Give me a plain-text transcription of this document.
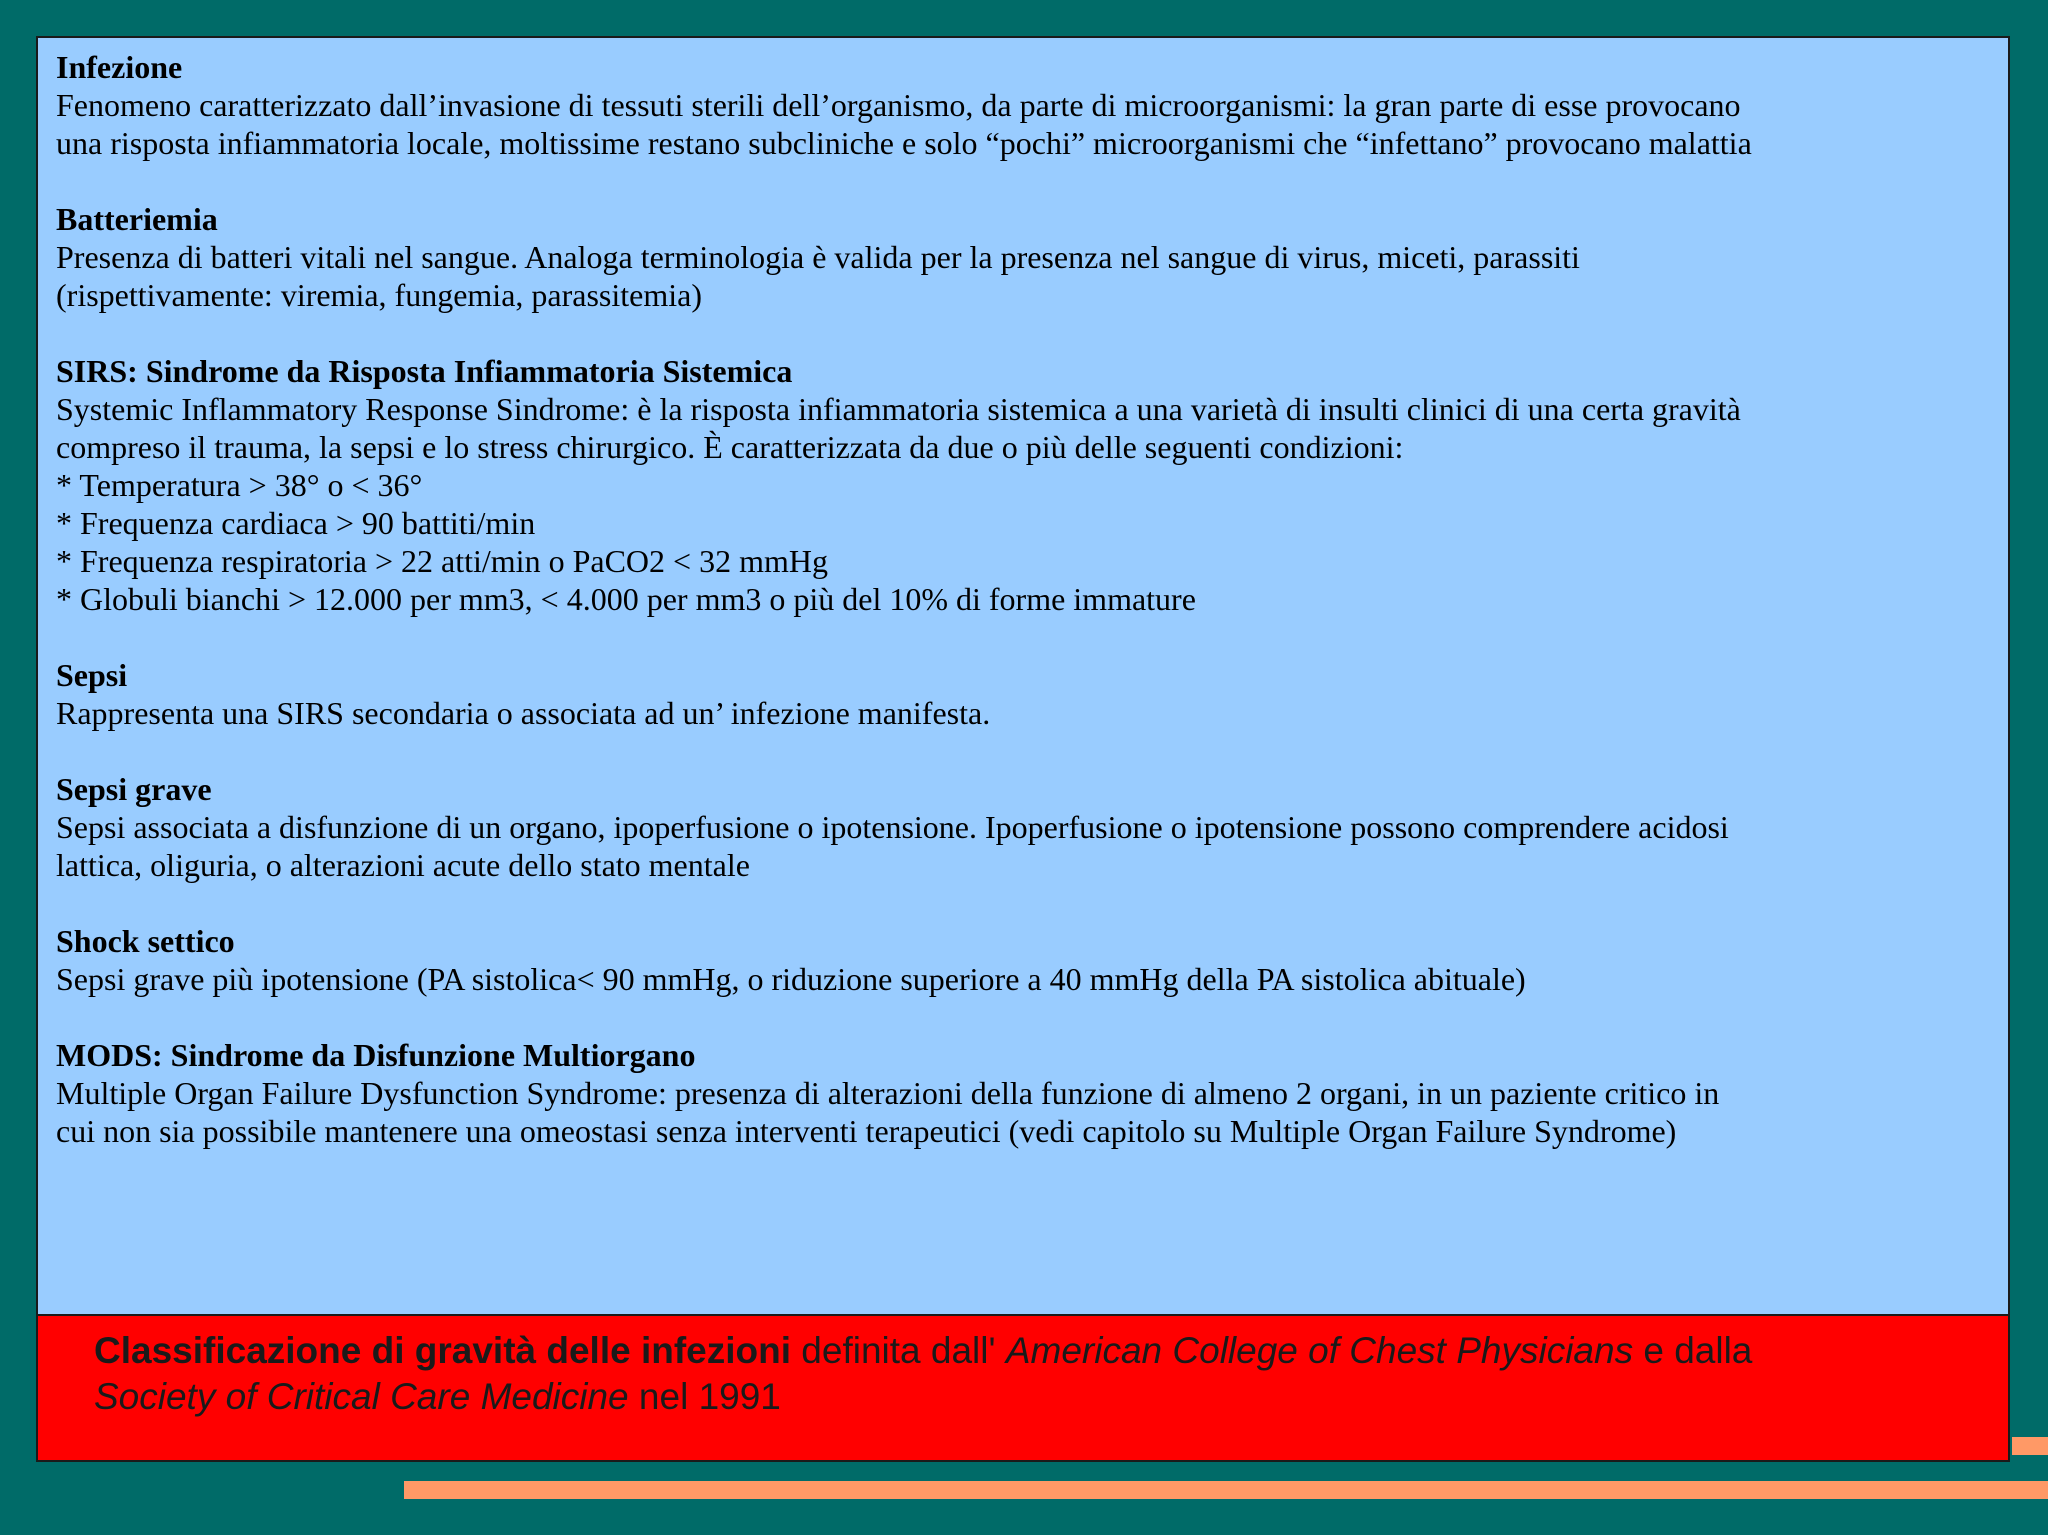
Infezione

Fenomeno caratterizzato dall’invasione di tessuti sterili dell’organismo, da parte di microorganismi: la gran parte di esse provocano
una risposta infiammatoria locale, moltissime restano subcliniche e solo “pochi” microorganismi che “infettano” provocano malattia

Batteriemia

Presenza di batteri vitali nel sangue. Analoga terminologia è valida per la presenza nel sangue di virus, miceti, parassiti
(rispettivamente: viremia, fungemia, parassitemia)

SIRS: Sindrome da Risposta Infiammatoria Sistemica

Systemic Inflammatory Response Sindrome: è la risposta infiammatoria sistemica a una varietà di insulti clinici di una certa gravità
compreso il trauma, la sepsi e lo stress chirurgico. È caratterizzata da due o più delle seguenti condizioni:
* Temperatura > 38° o < 36°
* Frequenza cardiaca > 90 battiti/min
* Frequenza respiratoria > 22 atti/min o PaCO2 < 32 mmHg
* Globuli bianchi > 12.000 per mm3, < 4.000 per mm3 o più del 10% di forme immature

Sepsi

Rappresenta una SIRS secondaria o associata ad un’ infezione manifesta.

Sepsi grave

Sepsi associata a disfunzione di un organo, ipoperfusione o ipotensione. Ipoperfusione o ipotensione possono comprendere acidosi
lattica, oliguria, o alterazioni acute dello stato mentale

Shock settico

Sepsi grave più ipotensione (PA sistolica< 90 mmHg, o riduzione superiore a 40 mmHg della PA sistolica abituale)

MODS: Sindrome da Disfunzione Multiorgano

Multiple Organ Failure Dysfunction Syndrome: presenza di alterazioni della funzione di almeno 2 organi, in un paziente critico in
cui non sia possibile mantenere una omeostasi senza interventi terapeutici (vedi capitolo su Multiple Organ Failure Syndrome)

Classificazione di gravità delle infezioni definita dall' American College of Chest Physicians e dalla
Society of Critical Care Medicine nel 1991
